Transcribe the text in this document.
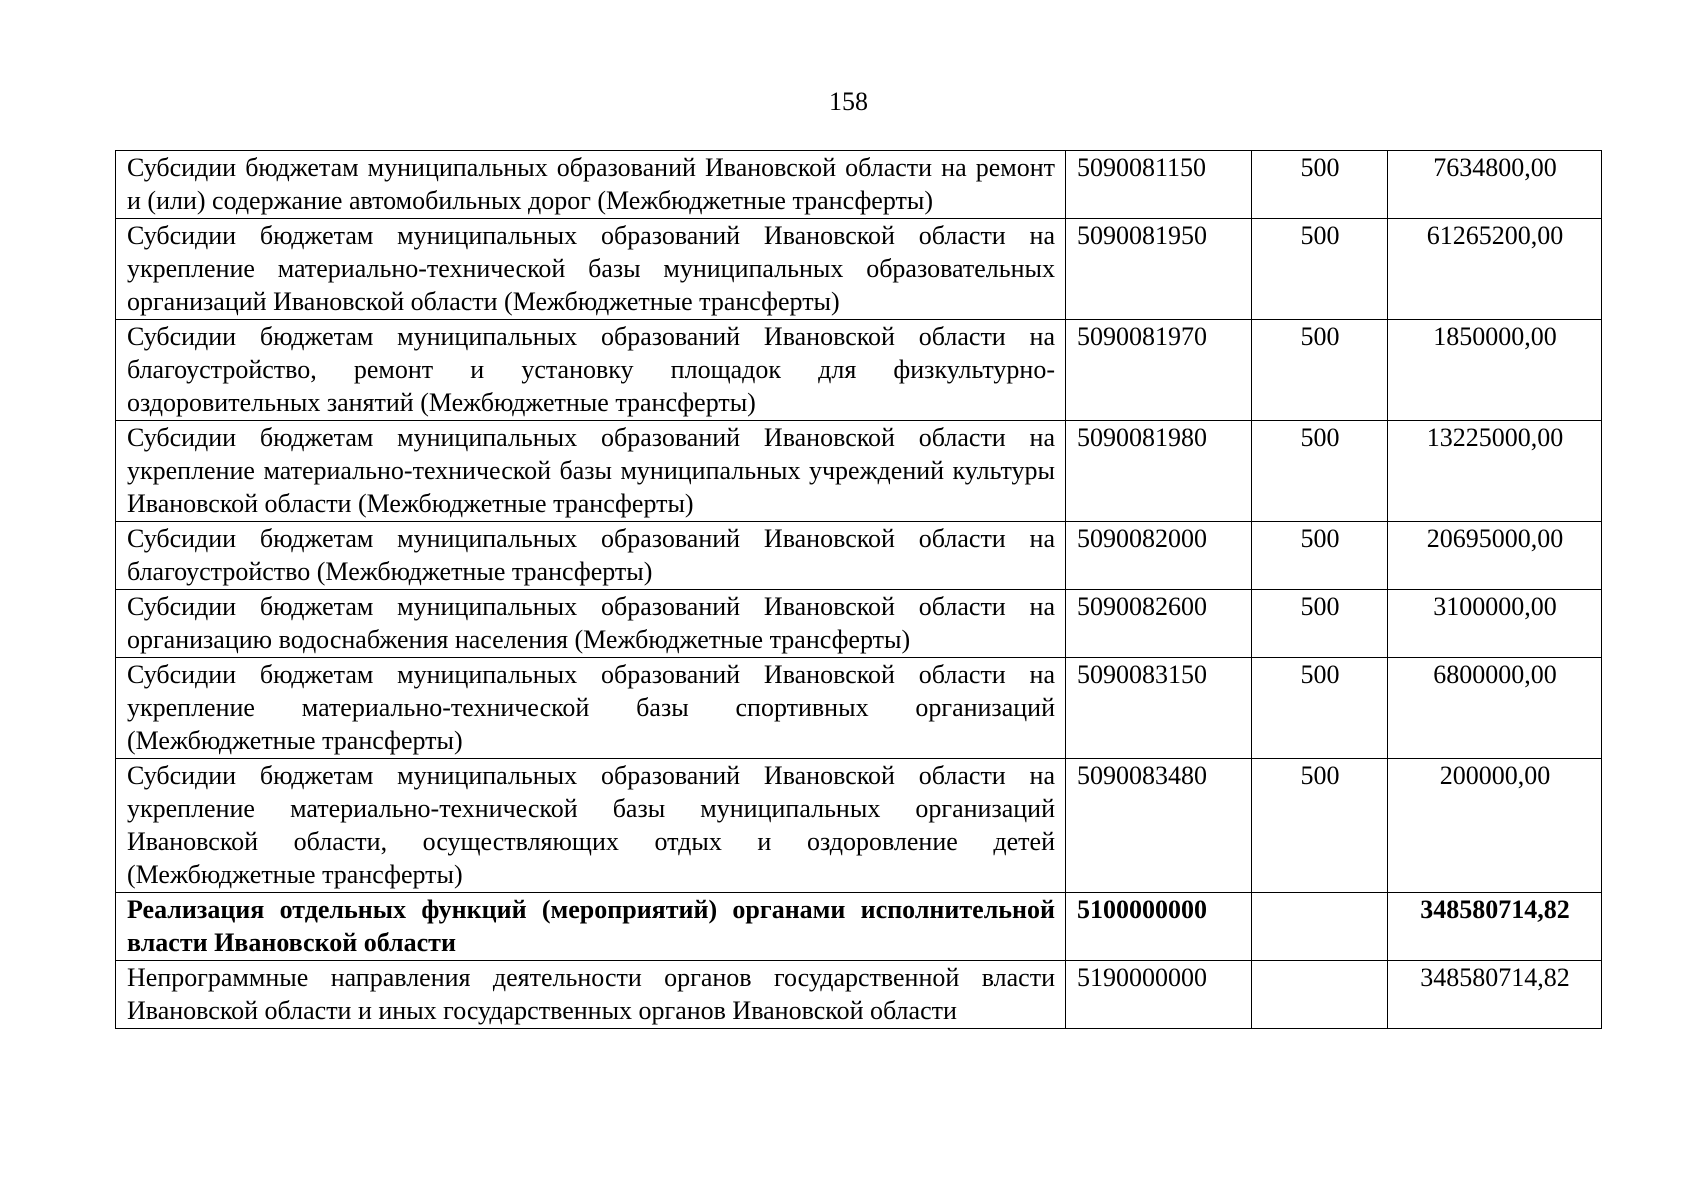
158
Субсидии бюджетам муниципальных образований Ивановской области на ремонт и (или) содержание автомобильных дорог (Межбюджетные трансферты)	5090081150	500	7634800,00
Субсидии бюджетам муниципальных образований Ивановской области на укрепление материально-технической базы муниципальных образовательных организаций Ивановской области (Межбюджетные трансферты)	5090081950	500	61265200,00
Субсидии бюджетам муниципальных образований Ивановской области на благоустройство, ремонт и установку площадок для физкультурно-оздоровительных занятий (Межбюджетные трансферты)	5090081970	500	1850000,00
Субсидии бюджетам муниципальных образований Ивановской области на укрепление материально-технической базы муниципальных учреждений культуры Ивановской области (Межбюджетные трансферты)	5090081980	500	13225000,00
Субсидии бюджетам муниципальных образований Ивановской области на благоустройство (Межбюджетные трансферты)	5090082000	500	20695000,00
Субсидии бюджетам муниципальных образований Ивановской области на организацию водоснабжения населения (Межбюджетные трансферты)	5090082600	500	3100000,00
Субсидии бюджетам муниципальных образований Ивановской области на укрепление материально-технической базы спортивных организаций (Межбюджетные трансферты)	5090083150	500	6800000,00
Субсидии бюджетам муниципальных образований Ивановской области на укрепление материально-технической базы муниципальных организаций Ивановской области, осуществляющих отдых и оздоровление детей (Межбюджетные трансферты)	5090083480	500	200000,00
Реализация отдельных функций (мероприятий) органами исполнительной власти Ивановской области	5100000000		348580714,82
Непрограммные направления деятельности органов государственной власти Ивановской области и иных государственных органов Ивановской области	5190000000		348580714,82
